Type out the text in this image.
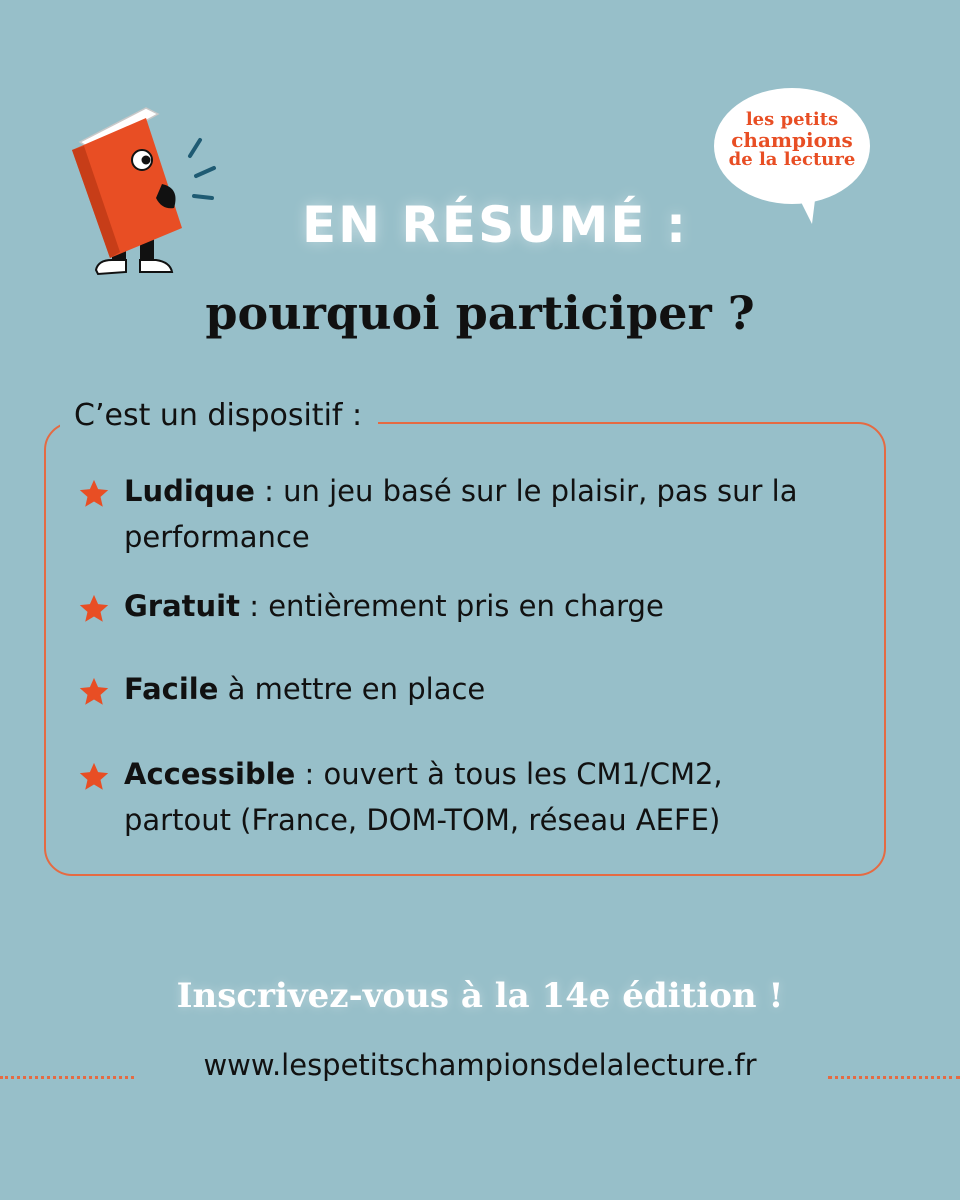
les petits
champions
de la lecture
EN RÉSUMÉ :
pourquoi participer ?
C’est un dispositif :
Ludique : un jeu basé sur le plaisir, pas sur la performance
Gratuit : entièrement pris en charge
Facile à mettre en place
Accessible : ouvert à tous les CM1/CM2, partout (France, DOM-TOM, réseau AEFE)
Inscrivez-vous à la 14e édition !
www.lespetitschampionsdelalecture.fr
